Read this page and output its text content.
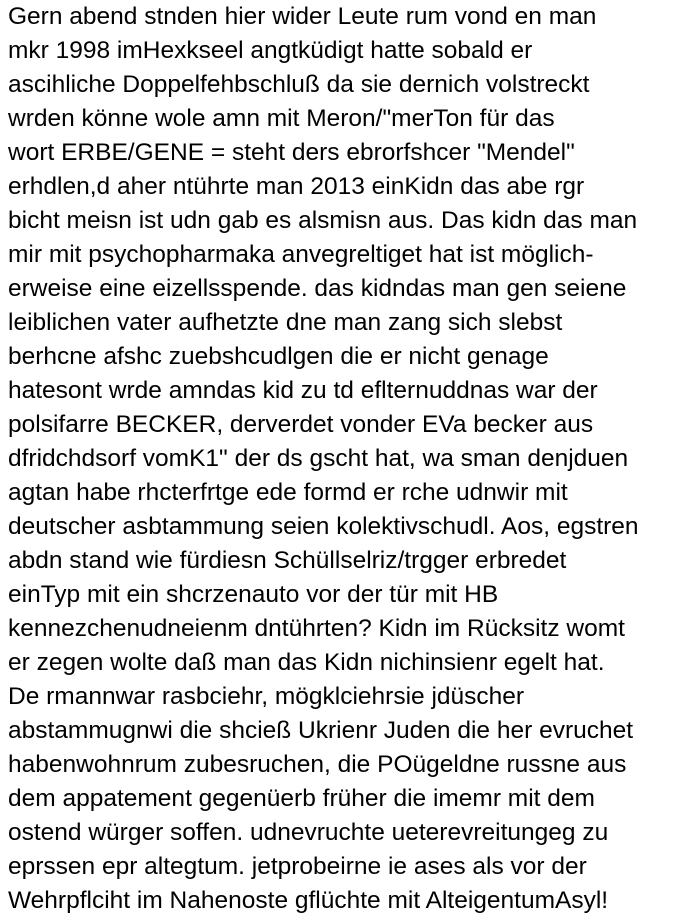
Gern abend stnden hier wider Leute rum vond en man
mkr 1998 imHexkseel angtküdigt hatte sobald er
ascihliche Doppelfehbschluß da sie dernich volstreckt
wrden könne wole amn mit Meron/"merTon für das
wort ERBE/GENE = steht ders ebrorfshcer "Mendel"
erhdlen,d aher ntührte man 2013 einKidn das abe rgr
bicht meisn ist udn gab es alsmisn aus. Das kidn das man
mir mit psychopharmaka anvegreltiget hat ist möglich-
erweise eine eizellsspende. das kidndas man gen seiene
leiblichen vater aufhetzte dne man zang sich slebst
berhcne afshc zuebshcudlgen die er nicht genage
hatesont wrde amndas kid zu td eflternuddnas war der
polsifarre BECKER, derverdet vonder EVa becker aus
dfridchdsorf vomK1" der ds gscht hat, wa sman denjduen
agtan habe rhcterfrtge ede formd er rche udnwir mit
deutscher asbtammung seien kolektivschudl. Aos, egstren
abdn stand wie fürdiesn Schüllselriz/trgger erbredet
einTyp mit ein shcrzenauto vor der tür mit HB
kennezchenudneienm dntührten? Kidn im Rücksitz womt
er zegen wolte daß man das Kidn nichinsienr egelt hat.
De rmannwar rasbciehr, mögklciehrsie jdüscher
abstammugnwi die shcieß Ukrienr Juden die her evruchet
habenwohnrum zubesruchen, die POügeldne russne aus
dem appatement gegenüerb früher die imemr mit dem
ostend würger soffen. udnevruchte ueterevreitungeg zu
eprssen epr altegtum. jetprobeirne ie ases als vor der
Wehrpflciht im Nahenoste gflüchte mit AlteigentumAsyl!
